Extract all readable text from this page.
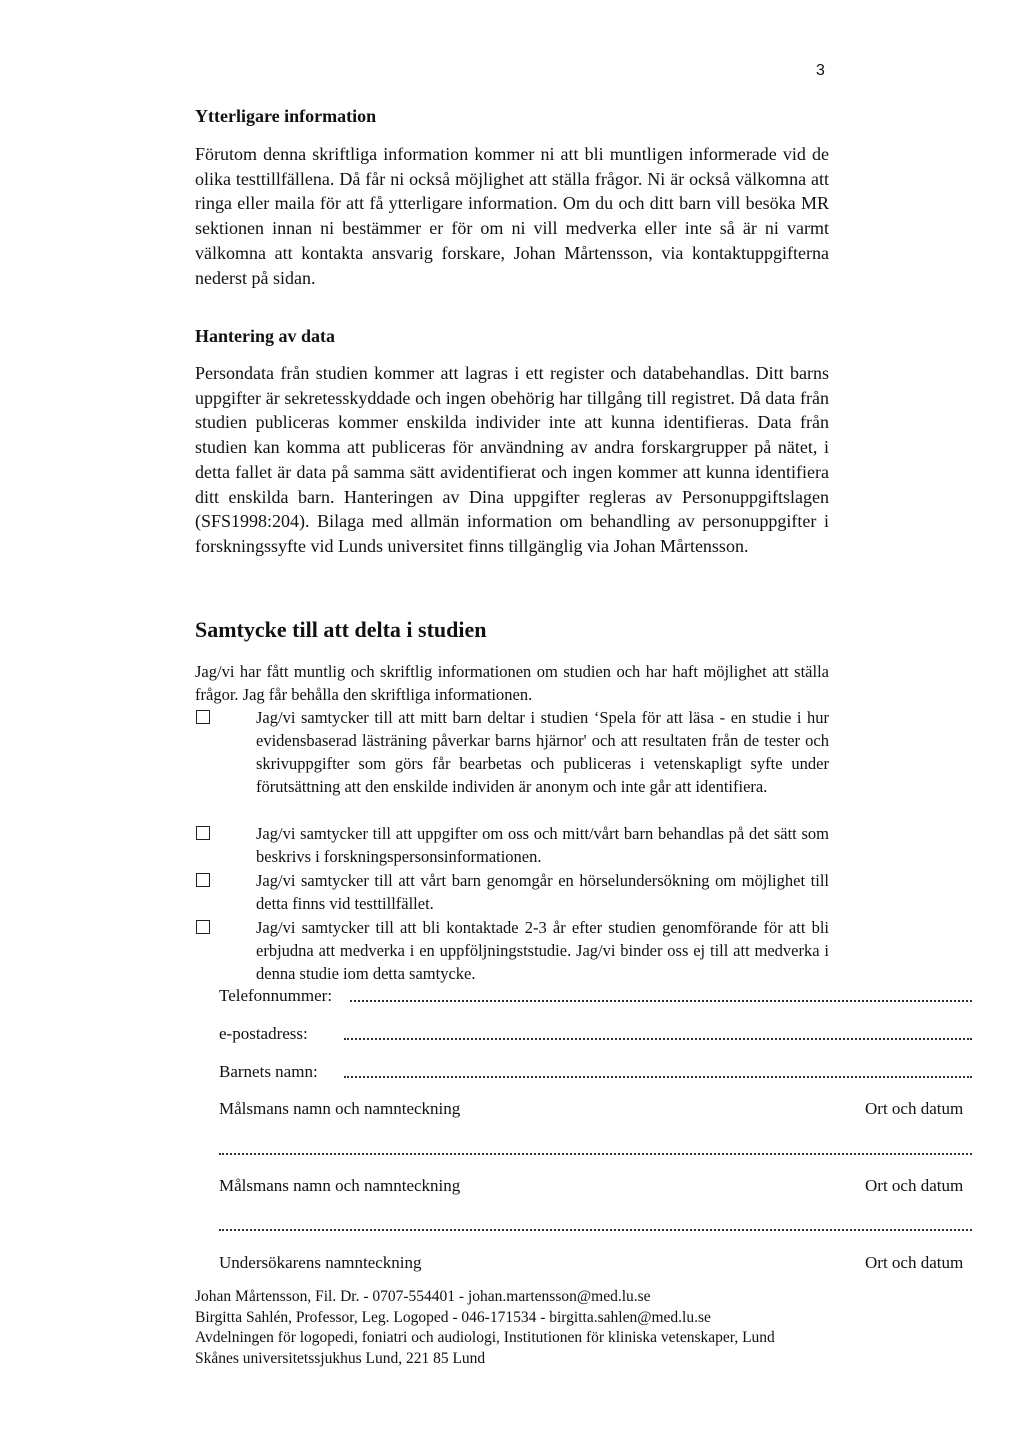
3
Ytterligare information

Förutom denna skriftliga information kommer ni att bli muntligen informerade vid de olika testtillfällena. Då får ni också möjlighet att ställa frågor. Ni är också välkomna att ringa eller maila för att få ytterligare information. Om du och ditt barn vill besöka MR sektionen innan ni bestämmer er för om ni vill medverka eller inte så är ni varmt välkomna att kontakta ansvarig forskare, Johan Mårtensson, via kontaktuppgifterna nederst på sidan.

Hantering av data

Persondata från studien kommer att lagras i ett register och databehandlas. Ditt barns uppgifter är sekretesskyddade och ingen obehörig har tillgång till registret. Då data från studien publiceras kommer enskilda individer inte att kunna identifieras. Data från studien kan komma att publiceras för användning av andra forskargrupper på nätet, i detta fallet är data på samma sätt avidentifierat och ingen kommer att kunna identifiera ditt enskilda barn. Hanteringen av Dina uppgifter regleras av Personuppgiftslagen (SFS1998:204). Bilaga med allmän information om behandling av personuppgifter i forskningssyfte vid Lunds universitet finns tillgänglig via Johan Mårtensson.

Samtycke till att delta i studien

Jag/vi har fått muntlig och skriftlig informationen om studien och har haft möjlighet att ställa frågor. Jag får behålla den skriftliga informationen.

Jag/vi samtycker till att mitt barn deltar i studien ‘Spela för att läsa - en studie i hur evidensbaserad lästräning påverkar barns hjärnor' och att resultaten från de tester och skrivuppgifter som görs får bearbetas och publiceras i vetenskapligt syfte under förutsättning att den enskilde individen är anonym och inte går att identifiera.

Jag/vi samtycker till att uppgifter om oss och mitt/vårt barn behandlas på det sätt som beskrivs i forskningspersonsinformationen.

Jag/vi samtycker till att vårt barn genomgår en hörselundersökning om möjlighet till detta finns vid testtillfället.

Jag/vi samtycker till att bli kontaktade 2-3 år efter studien genomförande för att bli erbjudna att medverka i en uppföljningststudie. Jag/vi binder oss ej till att medverka i denna studie iom detta samtycke.

Telefonnummer:
e-postadress:
Barnets namn:
Målsmans namn och namnteckning	Ort och datum
Målsmans namn och namnteckning	Ort och datum
Undersökarens namnteckning	Ort och datum
Johan Mårtensson, Fil. Dr. - 0707-554401 - johan.martensson@med.lu.se
Birgitta Sahlén, Professor, Leg. Logoped - 046-171534 - birgitta.sahlen@med.lu.se
Avdelningen för logopedi, foniatri och audiologi, Institutionen för kliniska vetenskaper, Lund
Skånes universitetssjukhus Lund, 221 85 Lund
